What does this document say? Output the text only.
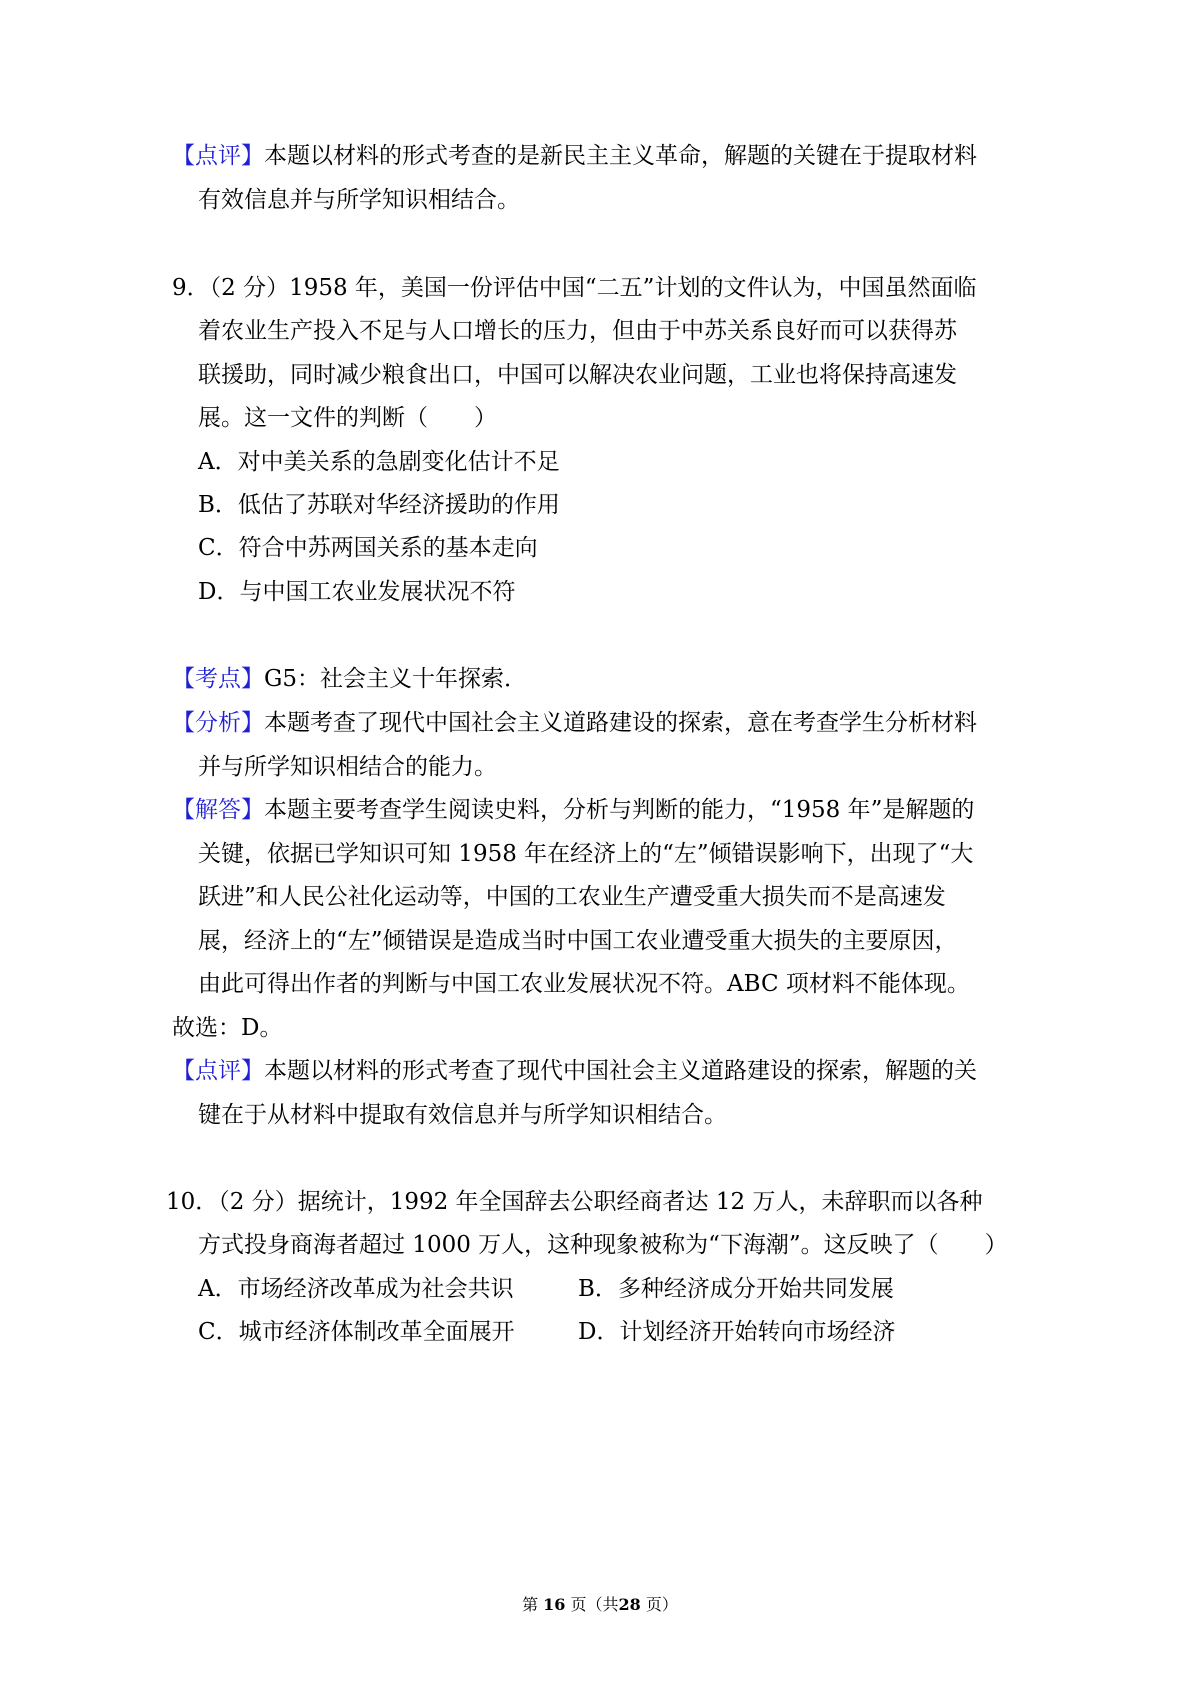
【点评】本题以材料的形式考查的是新民主主义革命，解题的关键在于提取材料
有效信息并与所学知识相结合。
9．（2 分）1958 年，美国一份评估中国“二五”计划的文件认为，中国虽然面临
着农业生产投入不足与人口增长的压力，但由于中苏关系良好而可以获得苏
联援助，同时减少粮食出口，中国可以解决农业问题，工业也将保持高速发
展。这一文件的判断（　　）
A．对中美关系的急剧变化估计不足
B．低估了苏联对华经济援助的作用
C．符合中苏两国关系的基本走向
D．与中国工农业发展状况不符
【考点】G5：社会主义十年探索．
【分析】本题考查了现代中国社会主义道路建设的探索，意在考查学生分析材料
并与所学知识相结合的能力。
【解答】本题主要考查学生阅读史料，分析与判断的能力，“1958 年”是解题的
关键，依据已学知识可知 1958 年在经济上的“左”倾错误影响下，出现了“大
跃进”和人民公社化运动等，中国的工农业生产遭受重大损失而不是高速发
展，经济上的“左”倾错误是造成当时中国工农业遭受重大损失的主要原因，
由此可得出作者的判断与中国工农业发展状况不符。ABC 项材料不能体现。
故选：D。
【点评】本题以材料的形式考查了现代中国社会主义道路建设的探索，解题的关
键在于从材料中提取有效信息并与所学知识相结合。
10．（2 分）据统计，1992 年全国辞去公职经商者达 12 万人，未辞职而以各种
方式投身商海者超过 1000 万人，这种现象被称为“下海潮”。这反映了（　　）
A．市场经济改革成为社会共识	B．多种经济成分开始共同发展
C．城市经济体制改革全面展开	D．计划经济开始转向市场经济
第 16 页（共28 页）
